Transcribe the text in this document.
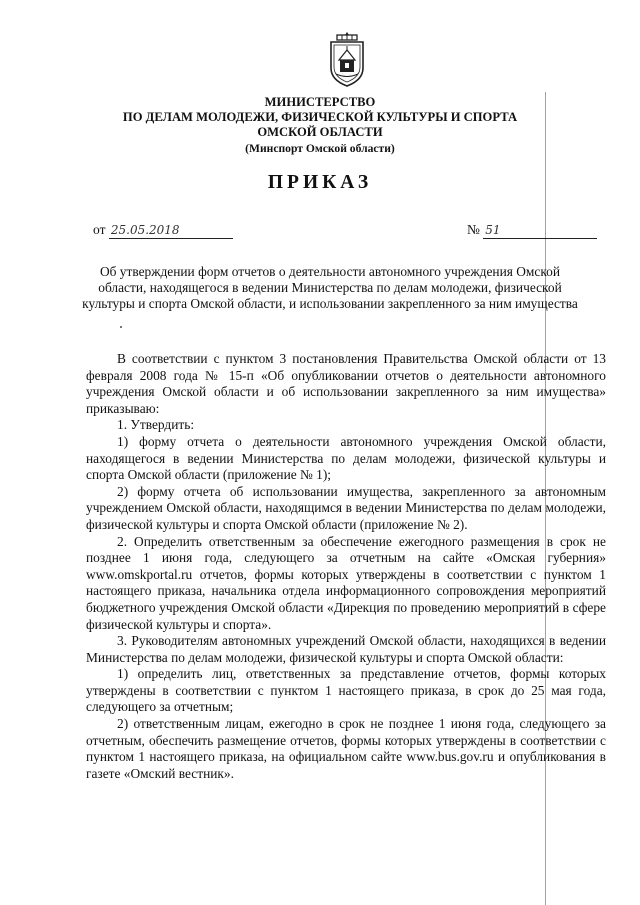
МИНИСТЕРСТВО
ПО ДЕЛАМ МОЛОДЕЖИ, ФИЗИЧЕСКОЙ КУЛЬТУРЫ И СПОРТА
ОМСКОЙ ОБЛАСТИ
(Минспорт Омской области)
ПРИКАЗ
от 25.05.2018	№ 51
Об утверждении форм отчетов о деятельности автономного учреждения Омской области, находящегося в ведении Министерства по делам молодежи, физической культуры и спорта Омской области, и использовании закрепленного за ним имущества

В соответствии с пунктом 3 постановления Правительства Омской области от 13 февраля 2008 года № 15-п «Об опубликовании отчетов о деятельности автономного учреждения Омской области и об использовании закрепленного за ним имущества» приказываю:

1. Утвердить:

1) форму отчета о деятельности автономного учреждения Омской области, находящегося в ведении Министерства по делам молодежи, физической культуры и спорта Омской области (приложение № 1);

2) форму отчета об использовании имущества, закрепленного за автономным учреждением Омской области, находящимся в ведении Министерства по делам молодежи, физической культуры и спорта Омской области (приложение № 2).

2. Определить ответственным за обеспечение ежегодного размещения в срок не позднее 1 июня года, следующего за отчетным на сайте «Омская губерния» www.omskportal.ru отчетов, формы которых утверждены в соответствии с пунктом 1 настоящего приказа, начальника отдела информационного сопровождения мероприятий бюджетного учреждения Омской области «Дирекция по проведению мероприятий в сфере физической культуры и спорта».

3. Руководителям автономных учреждений Омской области, находящихся в ведении Министерства по делам молодежи, физической культуры и спорта Омской области:

1) определить лиц, ответственных за представление отчетов, формы которых утверждены в соответствии с пунктом 1 настоящего приказа, в срок до 25 мая года, следующего за отчетным;

2) ответственным лицам, ежегодно в срок не позднее 1 июня года, следующего за отчетным, обеспечить размещение отчетов, формы которых утверждены в соответствии с пунктом 1 настоящего приказа, на официальном сайте www.bus.gov.ru и опубликования в газете «Омский вестник».
